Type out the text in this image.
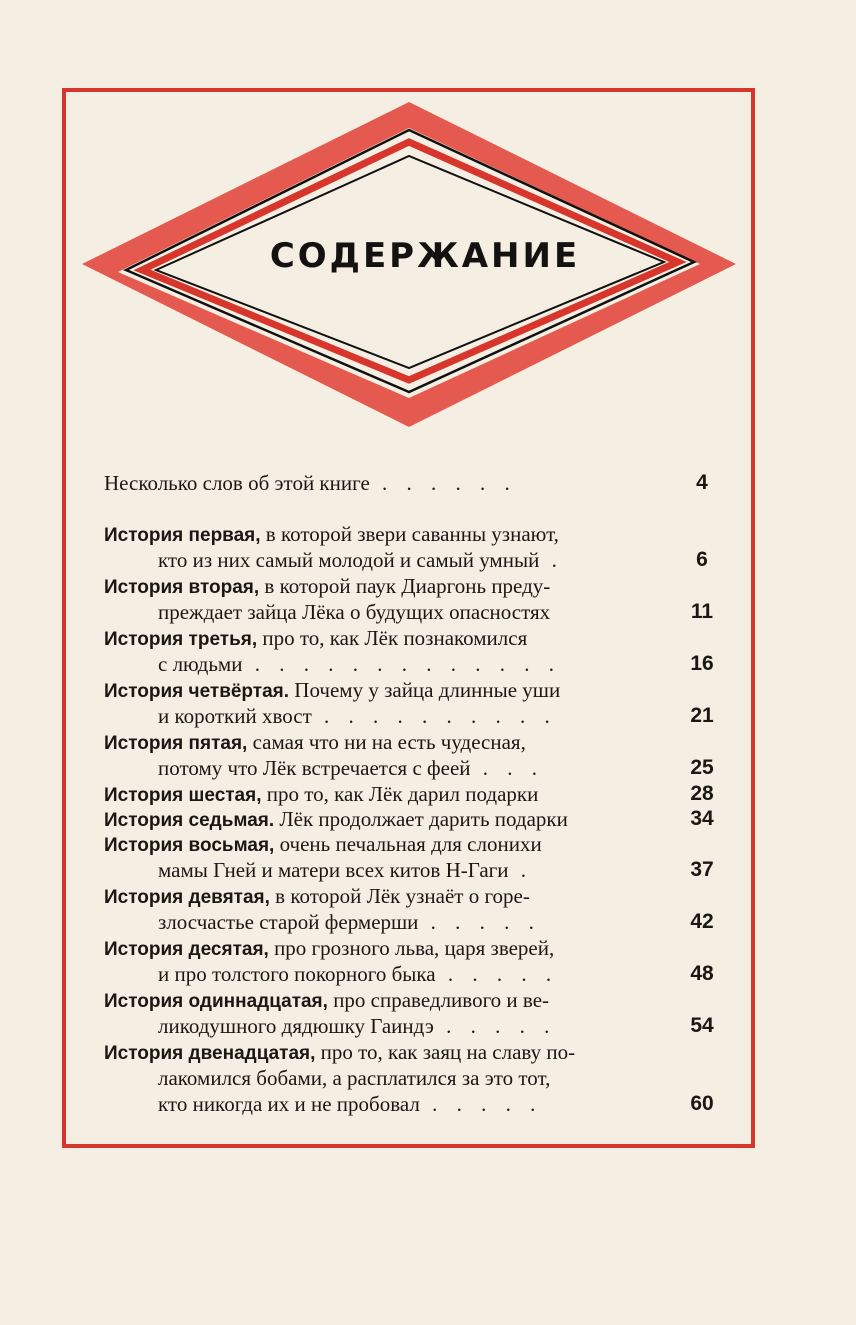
СОДЕРЖАНИЕ
Несколько слов об этой книге . . . . . .	4
История первая, в которой звери саванны узнают,
кто из них самый молодой и самый умный .	6
История вторая, в которой паук Диаргонь преду-
преждает зайца Лёка о будущих опасностях	11
История третья, про то, как Лёк познакомился
с людьми . . . . . . . . . . . . .	16
История четвёртая. Почему у зайца длинные уши
и короткий хвост . . . . . . . . . .	21
История пятая, самая что ни на есть чудесная,
потому что Лёк встречается с феей . . .	25
История шестая, про то, как Лёк дарил подарки	28
История седьмая. Лёк продолжает дарить подарки	34
История восьмая, очень печальная для слонихи
мамы Гней и матери всех китов Н-Гаги .	37
История девятая, в которой Лёк узнаёт о горе-
злосчастье старой фермерши . . . . .	42
История десятая, про грозного льва, царя зверей,
и про толстого покорного быка . . . . .	48
История одиннадцатая, про справедливого и ве-
ликодушного дядюшку Гаиндэ . . . . .	54
История двенадцатая, про то, как заяц на славу по-
лакомился бобами, а расплатился за это тот,
кто никогда их и не пробовал . . . . .	60
